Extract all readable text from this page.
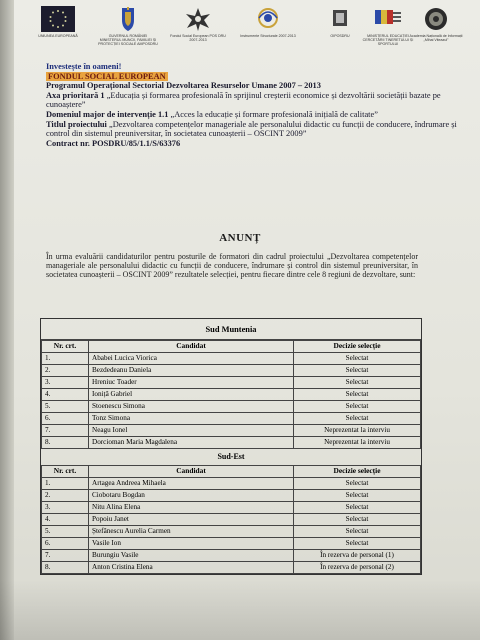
UNIUNEA EUROPEANĂ	GUVERNUL ROMÂNIEI MINISTERUL MUNCII, FAMILIEI ȘI PROTECȚIEI SOCIALE AMPOSDRU
Fondul Social European POS DRU 2007-2013
Instrumente Structurale 2007-2013	OIPOSDRU	MINISTERUL EDUCAȚIEI CERCETĂRII TINERETULUI ȘI SPORTULUI
Academia Națională de Informații „Mihai Viteazul”

Investește în oameni!

FONDUL SOCIAL EUROPEAN

Programul Operațional Sectorial Dezvoltarea Resurselor Umane 2007 – 2013

Axa prioritară 1 „Educația și formarea profesională în sprijinul creșterii economice și dezvoltării societății bazate pe cunoaștere”

Domeniul major de intervenție 1.1 „Acces la educație și formare profesională inițială de calitate”

Titlul proiectului „Dezvoltarea competențelor manageriale ale personalului didactic cu funcții de conducere, îndrumare și control din sistemul preuniversitar, în societatea cunoașterii – OSCINT 2009”

Contract nr. POSDRU/85/1.1/S/63376

ANUNȚ
În urma evaluării candidaturilor pentru posturile de formatori din cadrul proiectului „Dezvoltarea competențelor manageriale ale personalului didactic cu funcții de conducere, îndrumare și control din sistemul preuniversitar, în societatea cunoașterii – OSCINT 2009” rezultatele selecției, pentru fiecare dintre cele 8 regiuni de dezvoltare, sunt:
Sud Muntenia
Nr. crt.	Candidat	Decizie selecție
1.	Ababei Lucica Viorica	Selectat
2.	Bezdedeanu Daniela	Selectat
3.	Hreniuc Toader	Selectat
4.	Ioniță Gabriel	Selectat
5.	Stoenescu Simona	Selectat
6.	Tonz Simona	Selectat
7.	Neagu Ionel	Neprezentat la interviu
8.	Dorcioman Maria Magdalena	Neprezentat la interviu
Sud-Est		
Nr. crt.	Candidat	Decizie selecție
1.	Artagea Andreea Mihaela	Selectat
2.	Ciobotaru Bogdan	Selectat
3.	Nitu Alina Elena	Selectat
4.	Popoiu Janet	Selectat
5.	Ștefănescu Aurelia Carmen	Selectat
6.	Vasile Ion	Selectat
7.	Burungiu Vasile	În rezerva de personal (1)
8.	Anton Cristina Elena	În rezerva de personal (2)
